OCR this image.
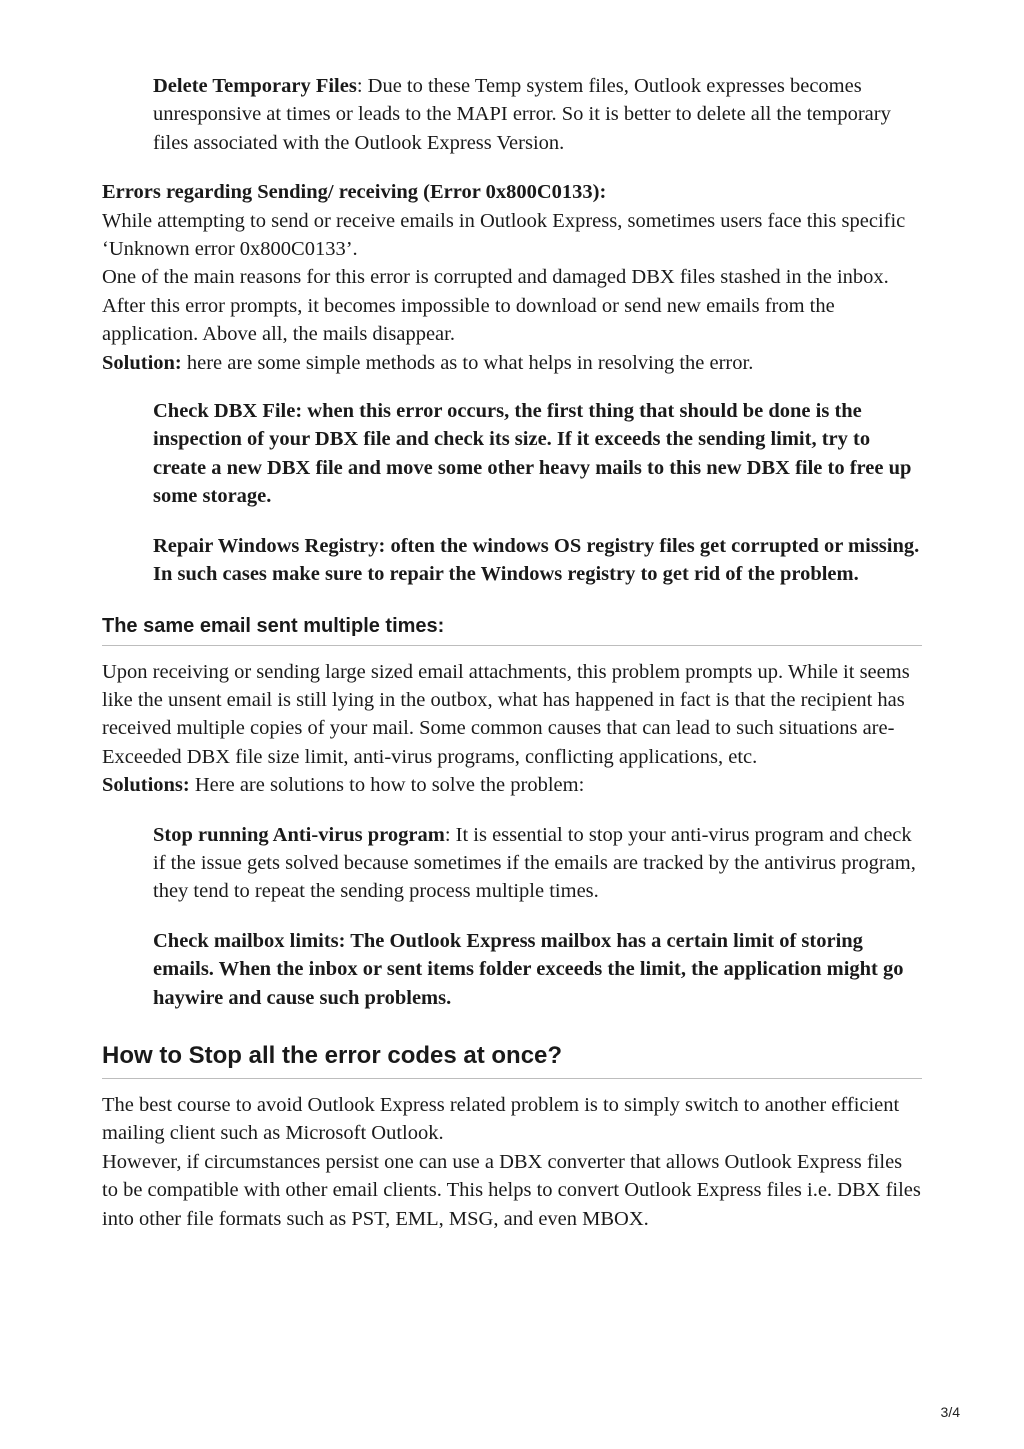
Delete Temporary Files: Due to these Temp system files, Outlook expresses becomes unresponsive at times or leads to the MAPI error. So it is better to delete all the temporary files associated with the Outlook Express Version.

Errors regarding Sending/ receiving (Error 0x800C0133):

While attempting to send or receive emails in Outlook Express, sometimes users face this specific ‘Unknown error 0x800C0133’.

One of the main reasons for this error is corrupted and damaged DBX files stashed in the inbox. After this error prompts, it becomes impossible to download or send new emails from the application. Above all, the mails disappear.

Solution: here are some simple methods as to what helps in resolving the error.

Check DBX File: when this error occurs, the first thing that should be done is the inspection of your DBX file and check its size. If it exceeds the sending limit, try to create a new DBX file and move some other heavy mails to this new DBX file to free up some storage.

Repair Windows Registry: often the windows OS registry files get corrupted or missing. In such cases make sure to repair the Windows registry to get rid of the problem.

The same email sent multiple times:

Upon receiving or sending large sized email attachments, this problem prompts up. While it seems like the unsent email is still lying in the outbox, what has happened in fact is that the recipient has received multiple copies of your mail. Some common causes that can lead to such situations are- Exceeded DBX file size limit, anti-virus programs, conflicting applications, etc.

Solutions: Here are solutions to how to solve the problem:

Stop running Anti-virus program: It is essential to stop your anti-virus program and check if the issue gets solved because sometimes if the emails are tracked by the antivirus program, they tend to repeat the sending process multiple times.

Check mailbox limits: The Outlook Express mailbox has a certain limit of storing emails. When the inbox or sent items folder exceeds the limit, the application might go haywire and cause such problems.

How to Stop all the error codes at once?

The best course to avoid Outlook Express related problem is to simply switch to another efficient mailing client such as Microsoft Outlook.

However, if circumstances persist one can use a DBX converter that allows Outlook Express files to be compatible with other email clients. This helps to convert Outlook Express files i.e. DBX files into other file formats such as PST, EML, MSG, and even MBOX.

3/4
